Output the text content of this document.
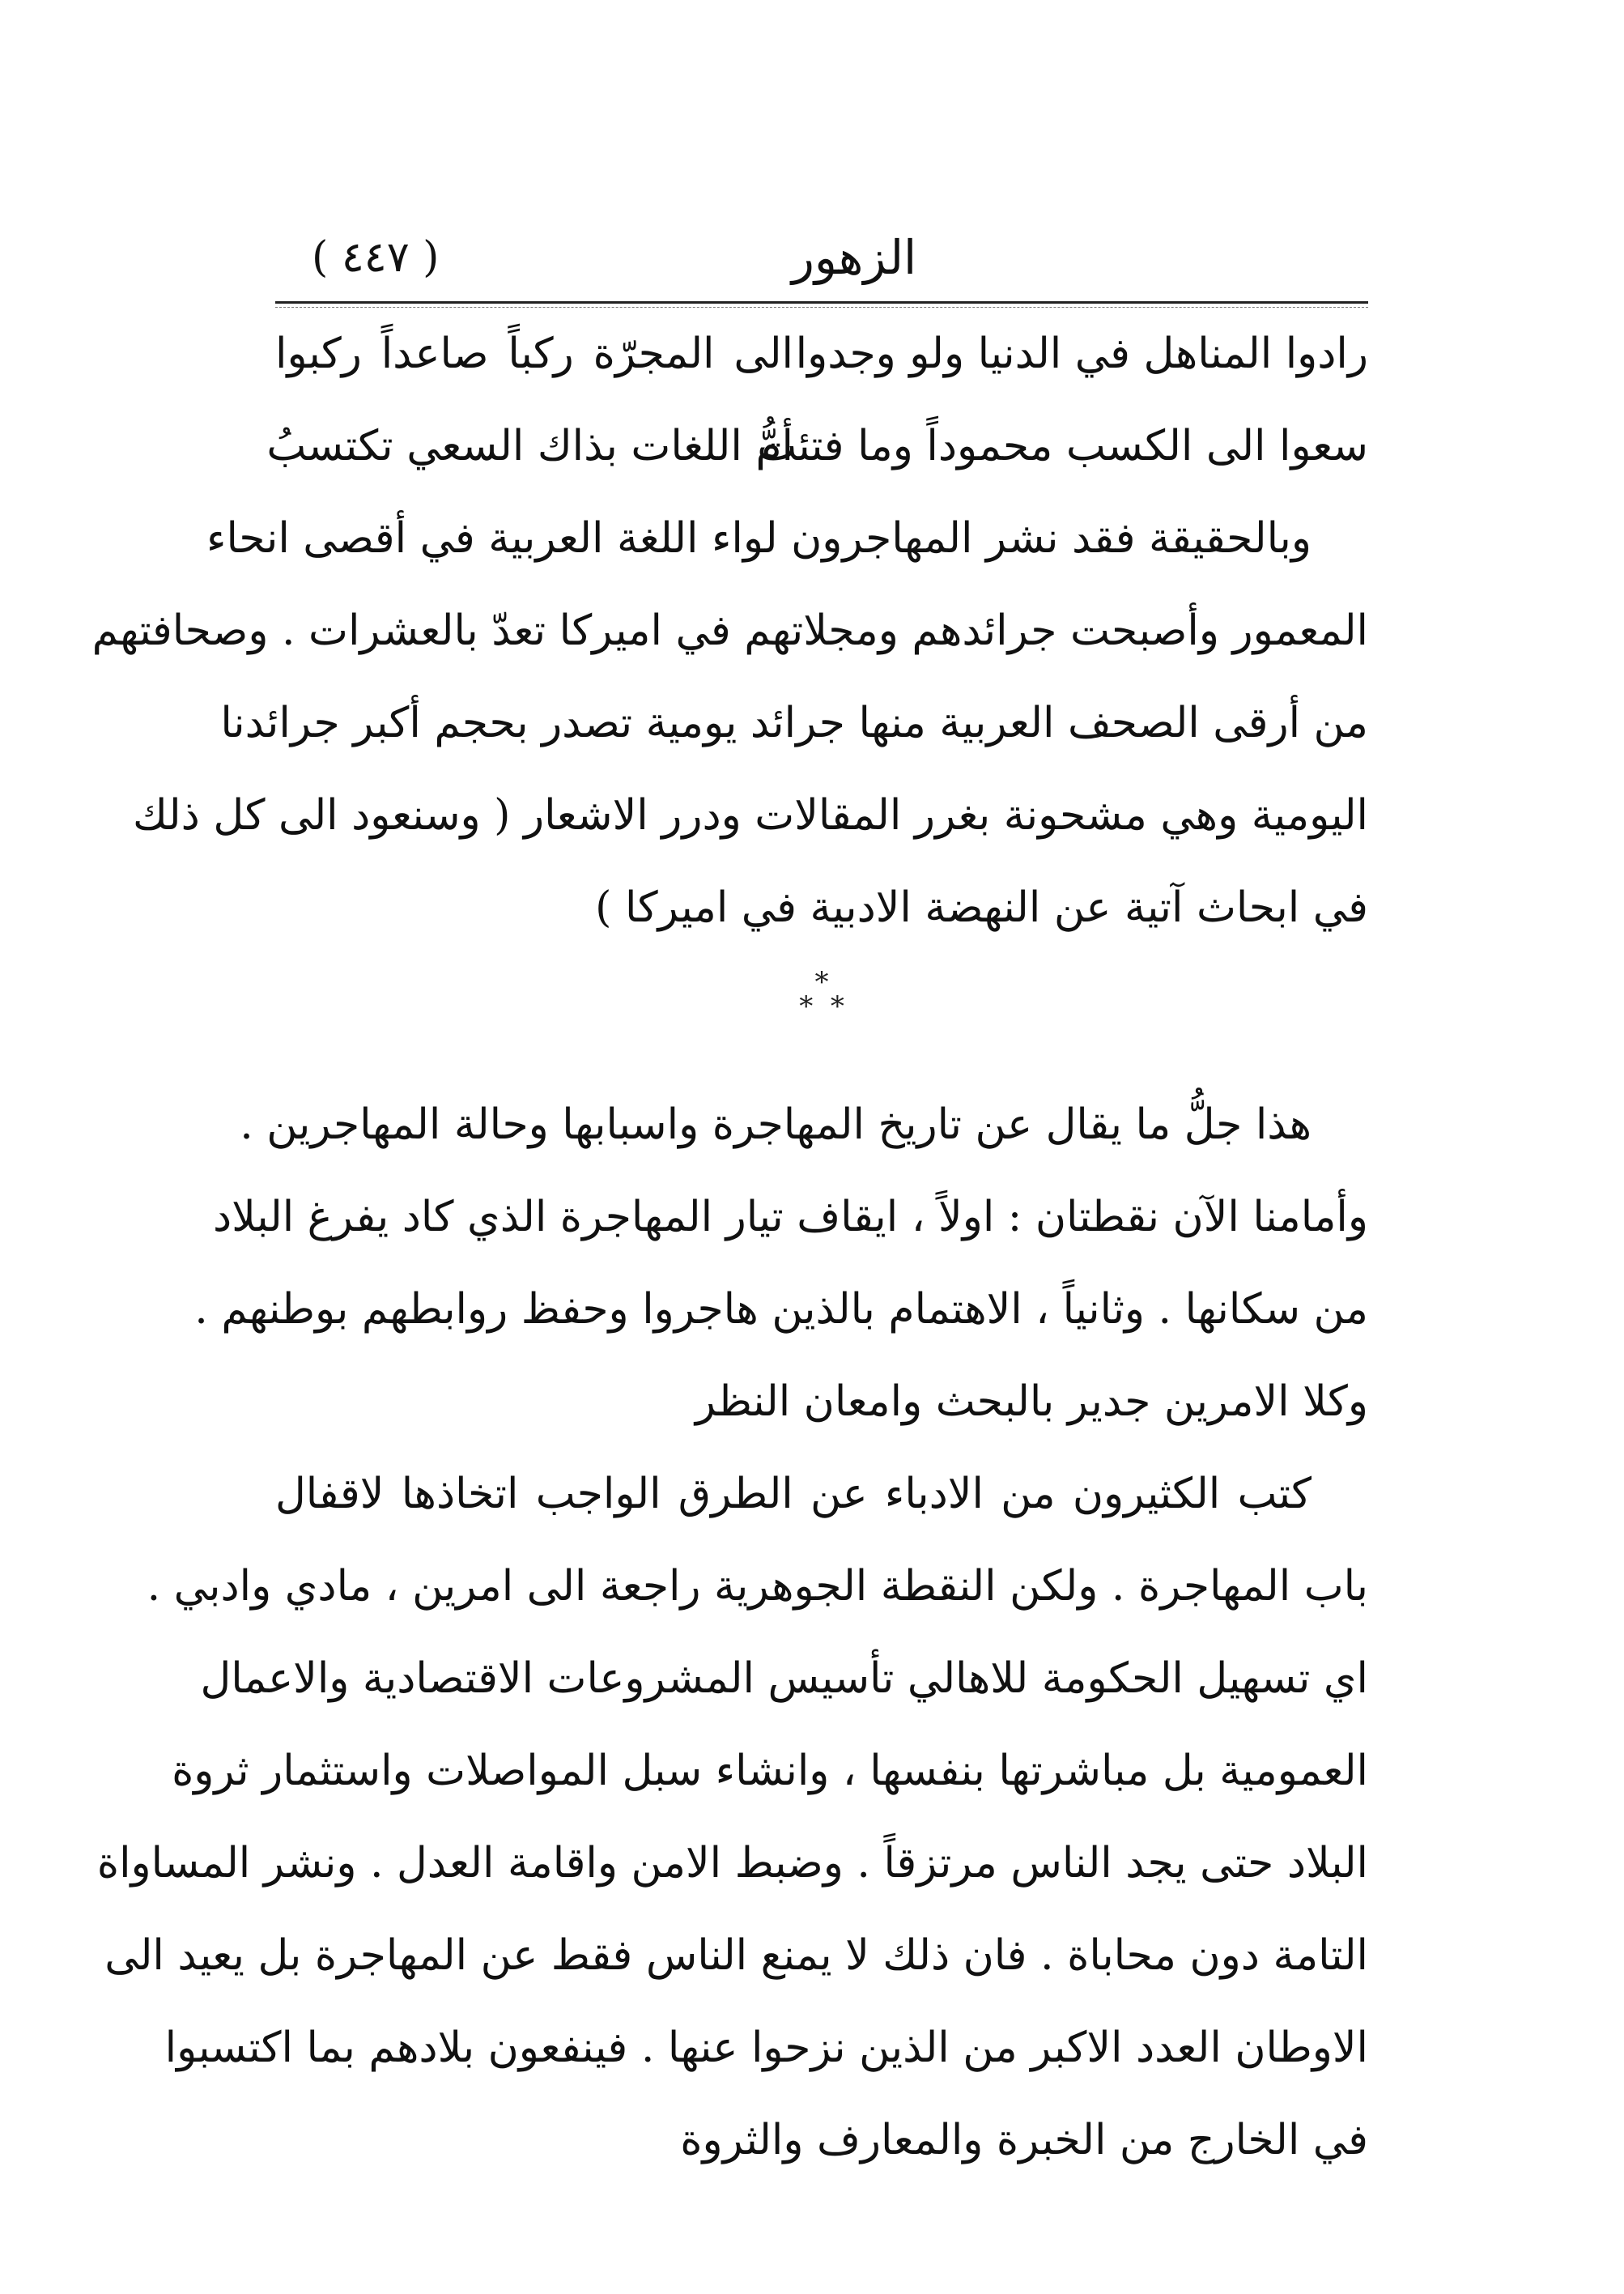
( ٤٤٧ )	الزهور
رادوا المناهل في الدنيا ولو وجدوا
الى المجرّة ركباً صاعداً ركبوا
سعوا الى الكسب محموداً وما فتئت
أمُّ اللغات بذاك السعي تكتسبُ
وبالحقيقة فقد نشر المهاجرون لواء اللغة العربية في أقصى انحاء
المعمور وأصبحت جرائدهم ومجلاتهم في اميركا تعدّ بالعشرات . وصحافتهم
من أرقى الصحف العربية منها جرائد يومية تصدر بحجم أكبر جرائدنا
اليومية وهي مشحونة بغرر المقالات ودرر الاشعار ( وسنعود الى كل ذلك
في ابحاث آتية عن النهضة الادبية في اميركا )
*
*  *
هذا جلُّ ما يقال عن تاريخ المهاجرة واسبابها وحالة المهاجرين .
وأمامنا الآن نقطتان : اولاً ، ايقاف تيار المهاجرة الذي كاد يفرغ البلاد
من سكانها . وثانياً ، الاهتمام بالذين هاجروا وحفظ روابطهم بوطنهم .
وكلا الامرين جدير بالبحث وامعان النظر
كتب الكثيرون من الادباء عن الطرق الواجب اتخاذها لاقفال
باب المهاجرة . ولكن النقطة الجوهرية راجعة الى امرين ، مادي وادبي .
اي تسهيل الحكومة للاهالي تأسيس المشروعات الاقتصادية والاعمال
العمومية بل مباشرتها بنفسها ، وانشاء سبل المواصلات واستثمار ثروة
البلاد حتى يجد الناس مرتزقاً . وضبط الامن واقامة العدل . ونشر المساواة
التامة دون محاباة . فان ذلك لا يمنع الناس فقط عن المهاجرة بل يعيد الى
الاوطان العدد الاكبر من الذين نزحوا عنها . فينفعون بلادهم بما اكتسبوا
في الخارج من الخبرة والمعارف والثروة
